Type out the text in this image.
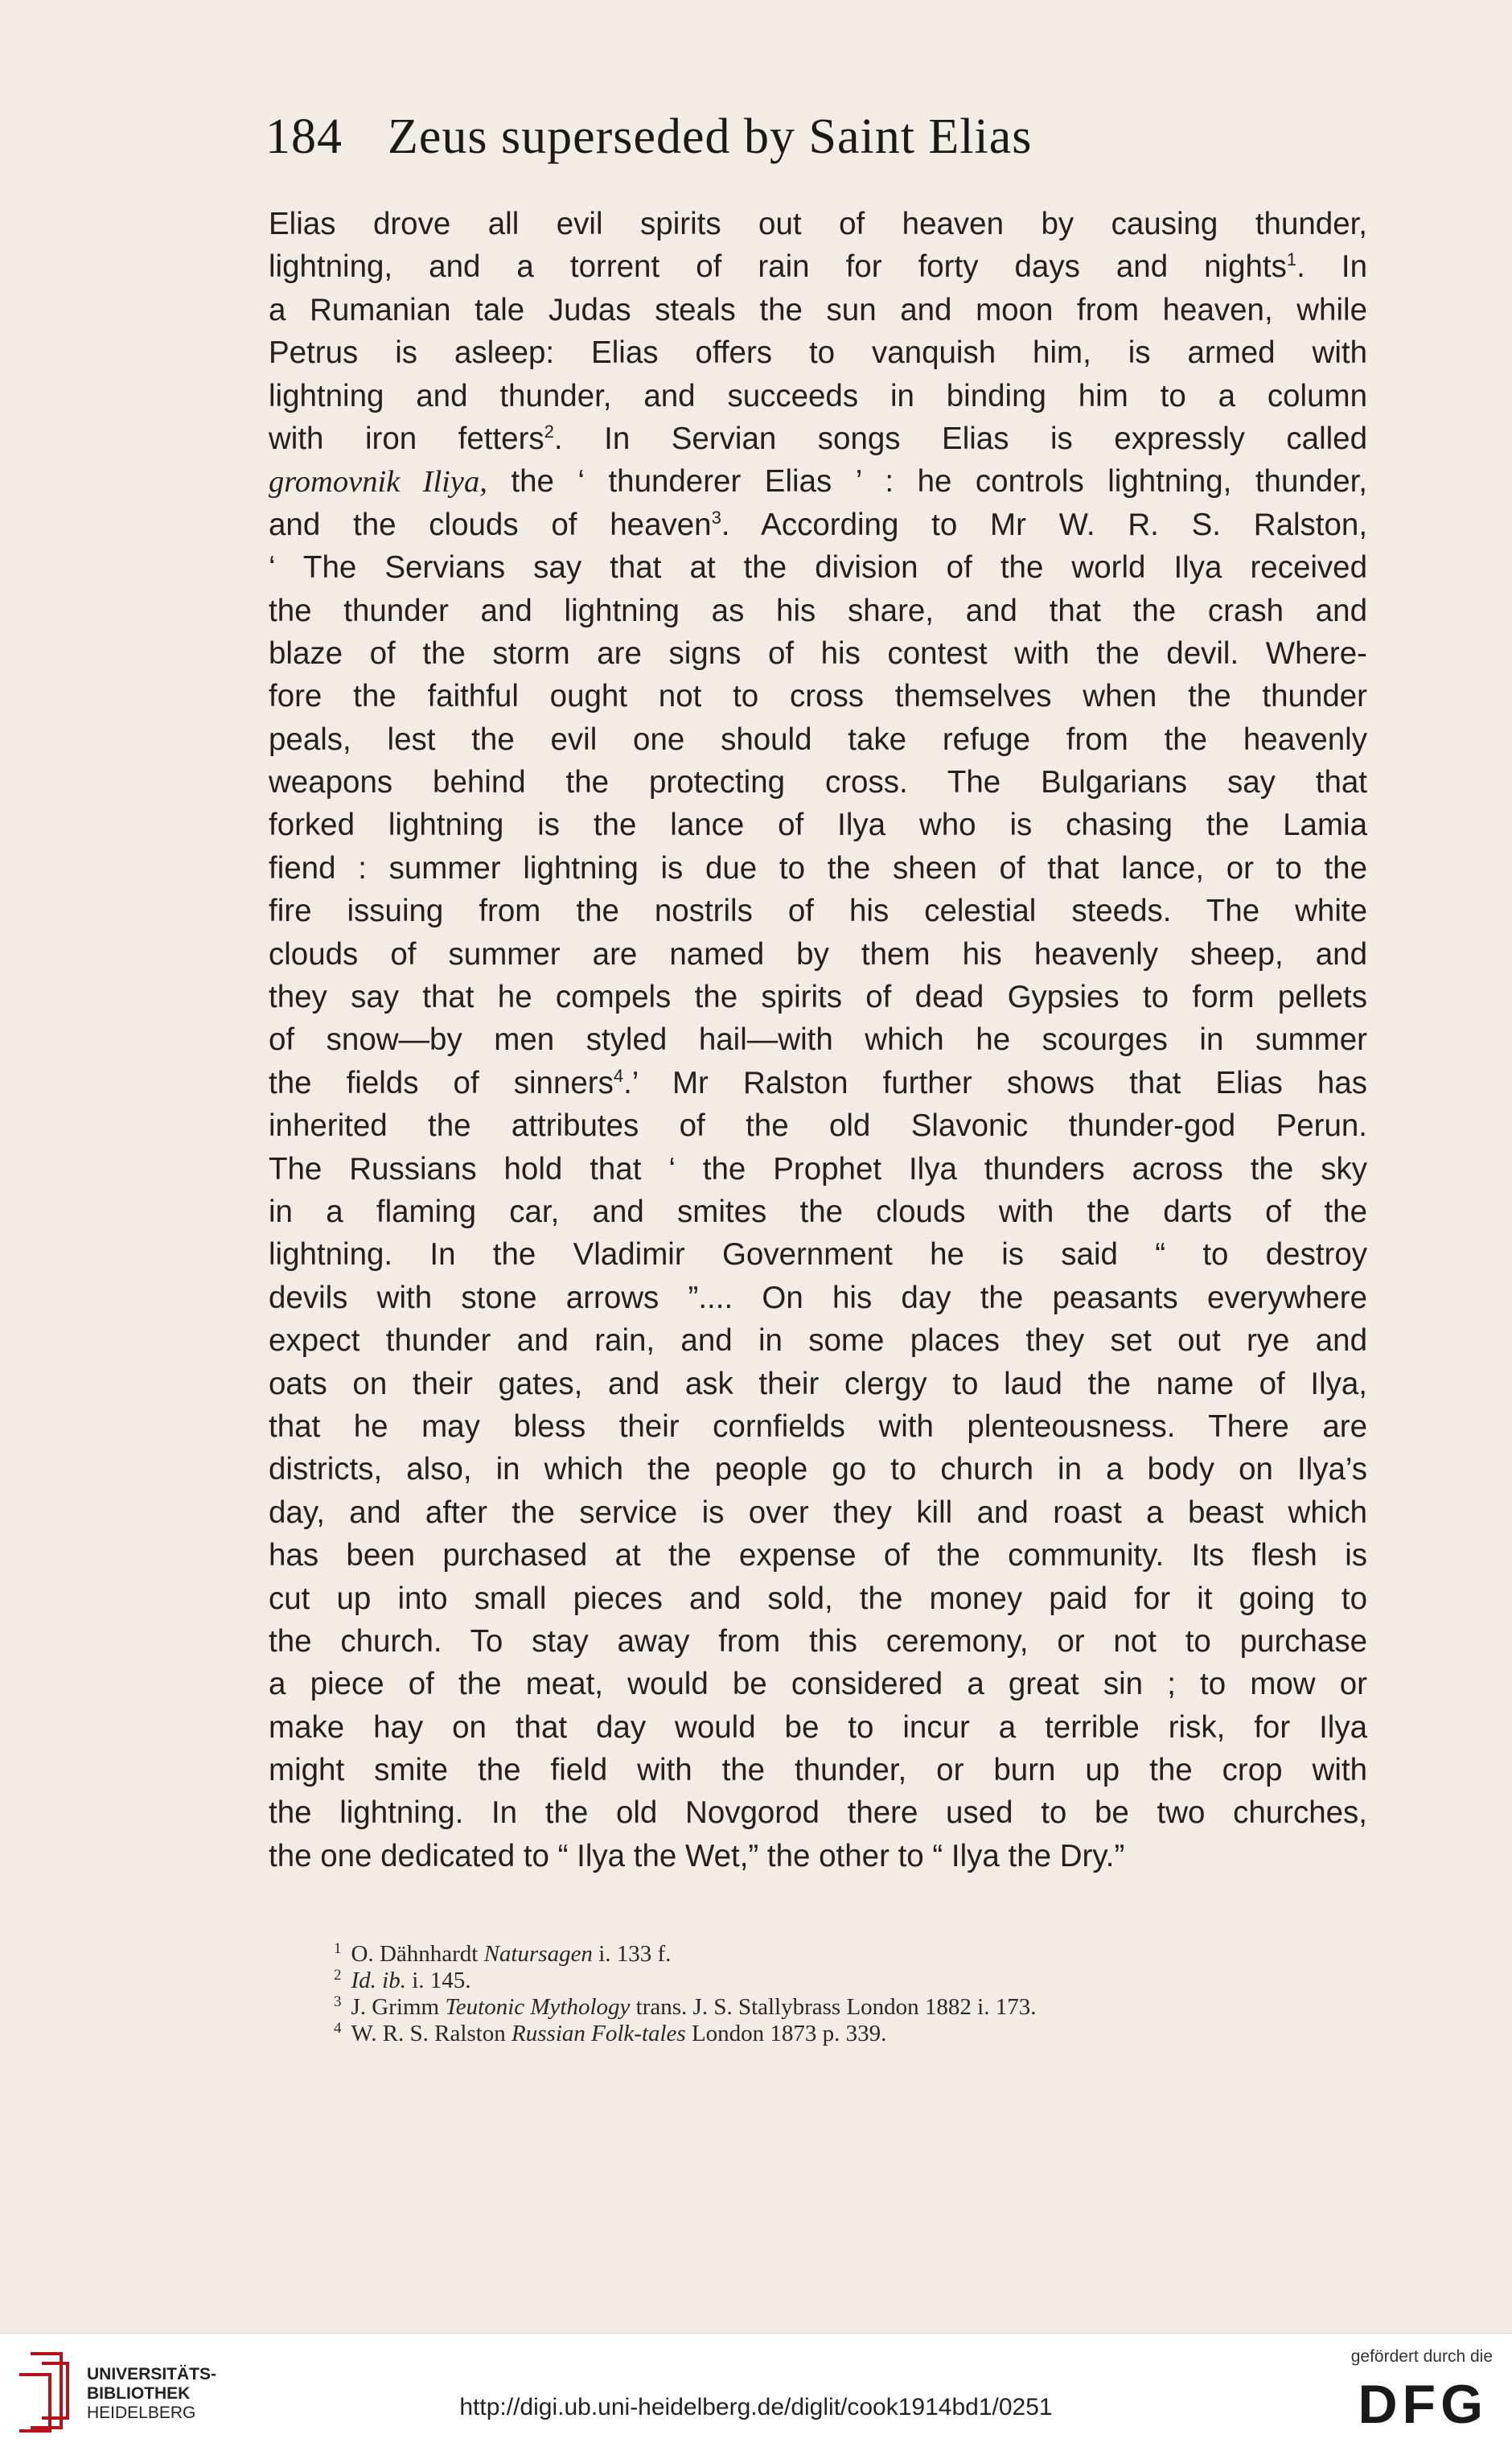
184 Zeus superseded by Saint Elias
Elias drove all evil spirits out of heaven by causing thunder,
lightning, and a torrent of rain for forty days and nights$^1$. In
a Rumanian tale Judas steals the sun and moon from heaven, while
Petrus is asleep: Elias offers to vanquish him, is armed with
lightning and thunder, and succeeds in binding him to a column
with iron fetters$^2$. In Servian songs Elias is expressly called
gromovnik Iliya, the ‘ thunderer Elias ’ : he controls lightning, thunder,
and the clouds of heaven$^3$. According to Mr W. R. S. Ralston,
‘ The Servians say that at the division of the world Ilya received
the thunder and lightning as his share, and that the crash and
blaze of the storm are signs of his contest with the devil. Where-
fore the faithful ought not to cross themselves when the thunder
peals, lest the evil one should take refuge from the heavenly
weapons behind the protecting cross. The Bulgarians say that
forked lightning is the lance of Ilya who is chasing the Lamia
fiend : summer lightning is due to the sheen of that lance, or to the
fire issuing from the nostrils of his celestial steeds. The white
clouds of summer are named by them his heavenly sheep, and
they say that he compels the spirits of dead Gypsies to form pellets
of snow—by men styled hail—with which he scourges in summer
the fields of sinners$^4$.’ Mr Ralston further shows that Elias has
inherited the attributes of the old Slavonic thunder-god Perun.
The Russians hold that ‘ the Prophet Ilya thunders across the sky
in a flaming car, and smites the clouds with the darts of the
lightning. In the Vladimir Government he is said “ to destroy
devils with stone arrows ”.... On his day the peasants everywhere
expect thunder and rain, and in some places they set out rye and
oats on their gates, and ask their clergy to laud the name of Ilya,
that he may bless their cornfields with plenteousness. There are
districts, also, in which the people go to church in a body on Ilya’s
day, and after the service is over they kill and roast a beast which
has been purchased at the expense of the community. Its flesh is
cut up into small pieces and sold, the money paid for it going to
the church. To stay away from this ceremony, or not to purchase
a piece of the meat, would be considered a great sin ; to mow or
make hay on that day would be to incur a terrible risk, for Ilya
might smite the field with the thunder, or burn up the crop with
the lightning. In the old Novgorod there used to be two churches,
the one dedicated to “ Ilya the Wet,” the other to “ Ilya the Dry.”
$^1$ O. Dähnhardt Natursagen i. 133 f.
$^2$ Id. ib. i. 145.
$^3$ J. Grimm Teutonic Mythology trans. J. S. Stallybrass London 1882 i. 173.
$^4$ W. R. S. Ralston Russian Folk-tales London 1873 p. 339.
UNIVERSITÄTS-
BIBLIOTHEK
HEIDELBERG	http://digi.ub.uni-heidelberg.de/diglit/cook1914bd1/0251
gefördert durch die
DFG
